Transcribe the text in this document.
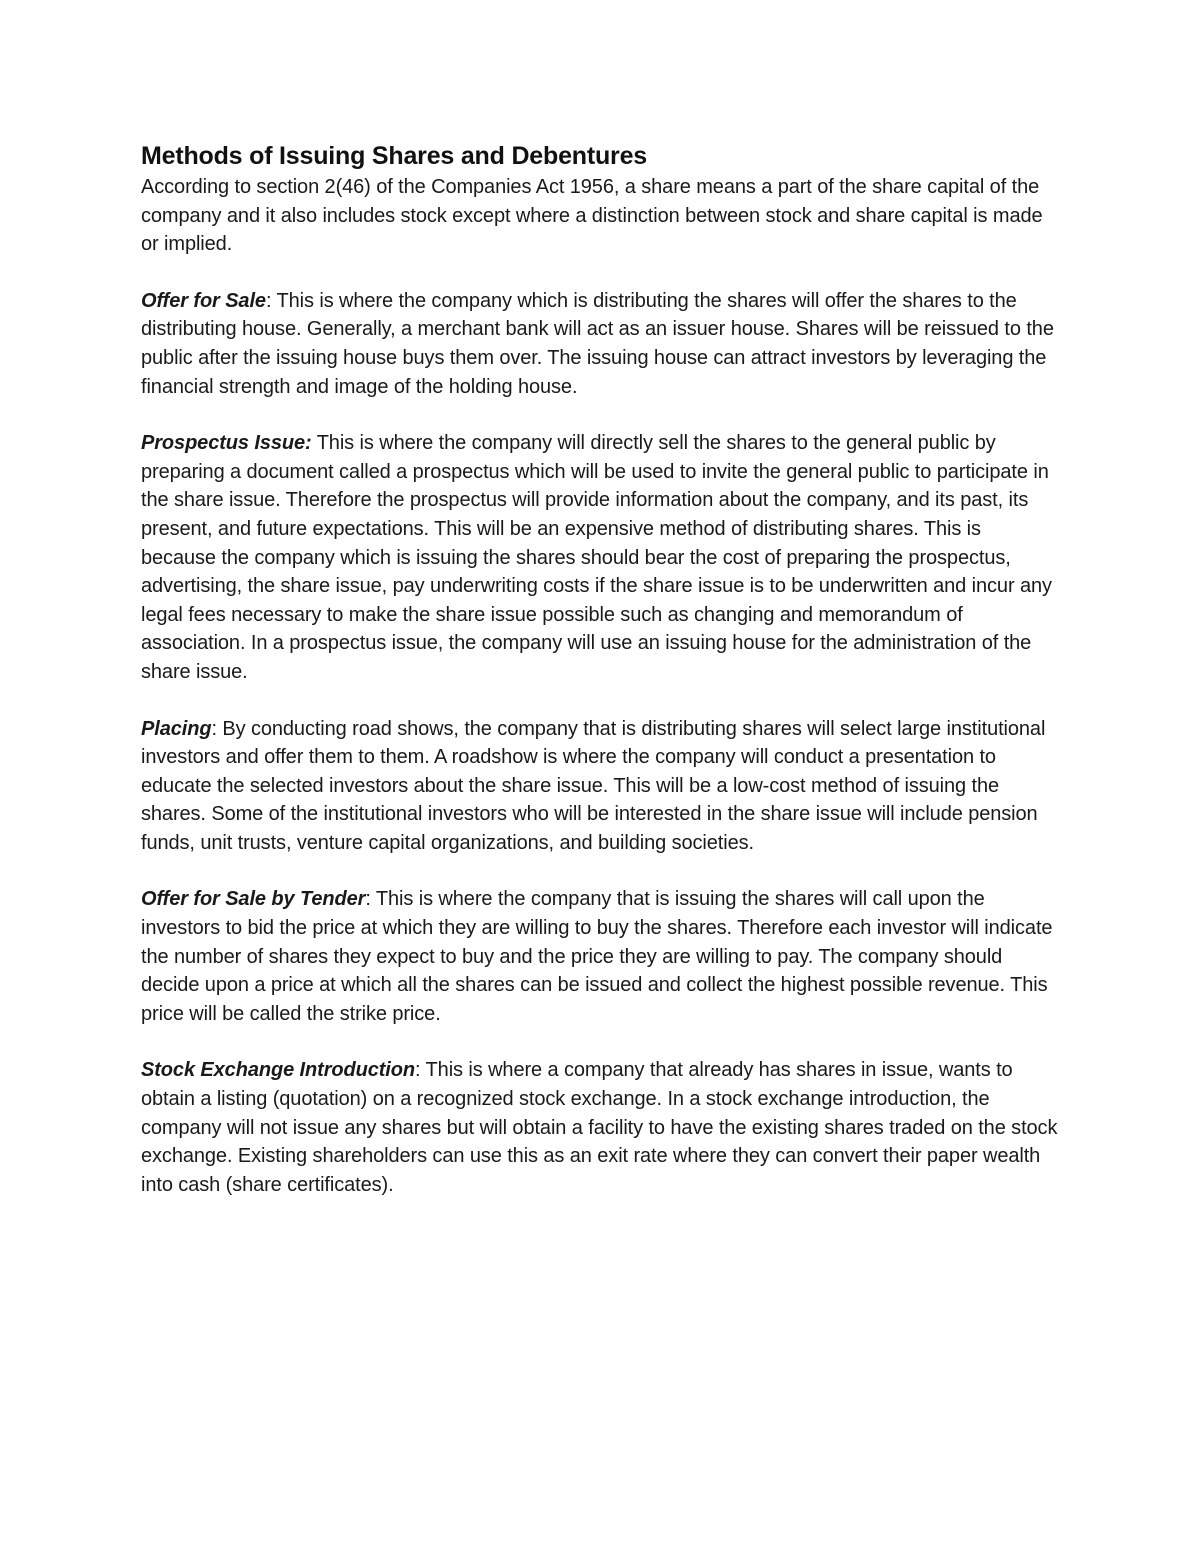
Methods of Issuing Shares and Debentures

According to section 2(46) of the Companies Act 1956, a share means a part of the share capital of the company and it also includes stock except where a distinction between stock and share capital is made or implied.

Offer for Sale: This is where the company which is distributing the shares will offer the shares to the distributing house. Generally, a merchant bank will act as an issuer house. Shares will be reissued to the public after the issuing house buys them over. The issuing house can attract investors by leveraging the financial strength and image of the holding house.

Prospectus Issue: This is where the company will directly sell the shares to the general public by preparing a document called a prospectus which will be used to invite the general public to participate in the share issue. Therefore the prospectus will provide information about the company, and its past, its present, and future expectations. This will be an expensive method of distributing shares. This is because the company which is issuing the shares should bear the cost of preparing the prospectus, advertising, the share issue, pay underwriting costs if the share issue is to be underwritten and incur any legal fees necessary to make the share issue possible such as changing and memorandum of association. In a prospectus issue, the company will use an issuing house for the administration of the share issue.

Placing: By conducting road shows, the company that is distributing shares will select large institutional investors and offer them to them. A roadshow is where the company will conduct a presentation to educate the selected investors about the share issue. This will be a low-cost method of issuing the shares. Some of the institutional investors who will be interested in the share issue will include pension funds, unit trusts, venture capital organizations, and building societies.

Offer for Sale by Tender: This is where the company that is issuing the shares will call upon the investors to bid the price at which they are willing to buy the shares. Therefore each investor will indicate the number of shares they expect to buy and the price they are willing to pay. The company should decide upon a price at which all the shares can be issued and collect the highest possible revenue. This price will be called the strike price.

Stock Exchange Introduction: This is where a company that already has shares in issue, wants to obtain a listing (quotation) on a recognized stock exchange. In a stock exchange introduction, the company will not issue any shares but will obtain a facility to have the existing shares traded on the stock exchange. Existing shareholders can use this as an exit rate where they can convert their paper wealth into cash (share certificates).
